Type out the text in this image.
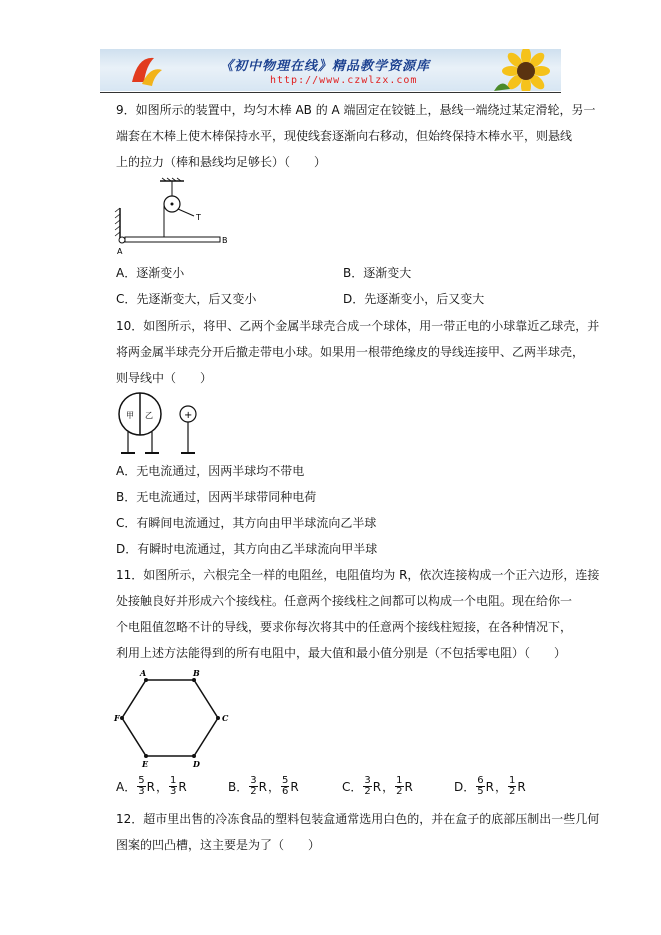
《初中物理在线》精品教学资源库
http://www.czwlzx.com
9．如图所示的装置中，均匀木棒 AB 的 A 端固定在铰链上，悬线一端绕过某定滑轮，另一
端套在木棒上使木棒保持水平，现使线套逐渐向右移动，但始终保持木棒水平，则悬线
上的拉力（棒和悬线均足够长）（　　）
T
A
B
A．逐渐变小	B．逐渐变大
C．先逐渐变大，后又变小	D．先逐渐变小，后又变大
10．如图所示，将甲、乙两个金属半球壳合成一个球体，用一带正电的小球靠近乙球壳，并
将两金属半球壳分开后撤走带电小球。如果用一根带绝缘皮的导线连接甲、乙两半球壳，
则导线中（　　）
甲 乙	+
A．无电流通过，因两半球均不带电
B．无电流通过，因两半球带同种电荷
C．有瞬间电流通过，其方向由甲半球流向乙半球
D．有瞬时电流通过，其方向由乙半球流向甲半球
11．如图所示，六根完全一样的电阻丝，电阻值均为 R，依次连接构成一个正六边形，连接
处接触良好并形成六个接线柱。任意两个接线柱之间都可以构成一个电阻。现在给你一
个电阻值忽略不计的导线，要求你每次将其中的任意两个接线柱短接，在各种情况下，
利用上述方法能得到的所有电阻中，最大值和最小值分别是（不包括零电阻）（　　）
A	B
C
D
E
F
A． $\frac{5}{3}$ R ， $\frac{1}{3}$ R	B． $\frac{3}{2}$ R ， $\frac{5}{6}$ R	C． $\frac{3}{2}$ R ， $\frac{1}{2}$ R	D． $\frac{6}{5}$ R ， $\frac{1}{2}$ R
12．超市里出售的冷冻食品的塑料包装盒通常选用白色的，并在盒子的底部压制出一些几何
图案的凹凸槽，这主要是为了（　　）
